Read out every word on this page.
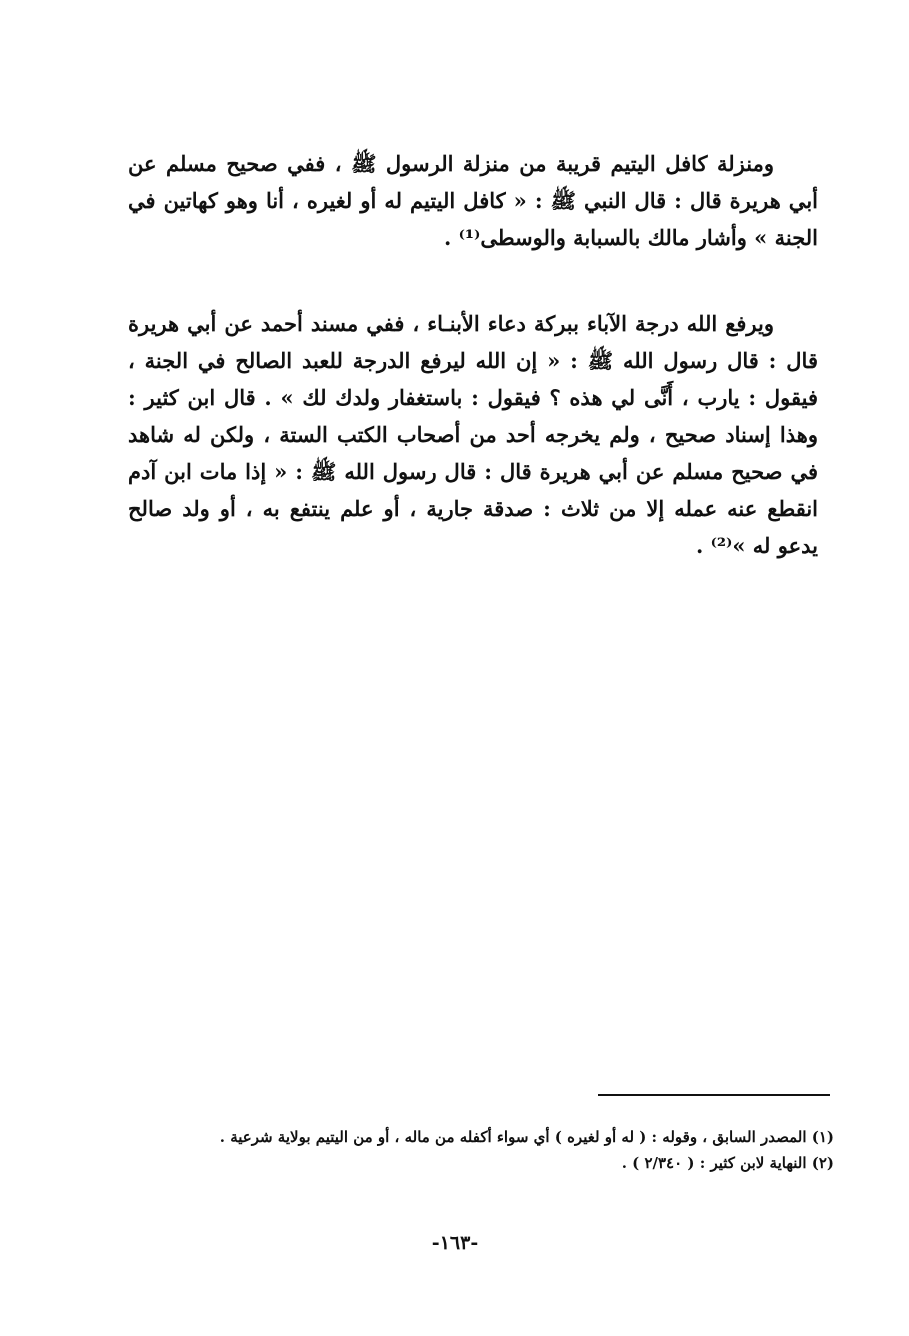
ومنزلة كافل اليتيم قريبة من منزلة الرسول ﷺ ، ففي صحيح مسلم عن أبي هريرة قال : قال النبي ﷺ : « كافل اليتيم له أو لغيره ، أنا وهو كهاتين في الجنة » وأشار مالك بالسبابة والوسطى⁽¹⁾ .

ويرفع الله درجة الآباء ببركة دعاء الأبنـاء ، ففي مسند أحمد عن أبي هريرة قال : قال رسول الله ﷺ : « إن الله ليرفع الدرجة للعبد الصالح في الجنة ، فيقول : يارب ، أَنَّى لي هذه ؟ فيقول : باستغفار ولدك لك » . قال ابن كثير : وهذا إسناد صحيح ، ولم يخرجه أحد من أصحاب الكتب الستة ، ولكن له شاهد في صحيح مسلم عن أبي هريرة قال : قال رسول الله ﷺ : « إذا مات ابن آدم انقطع عنه عمله إلا من ثلاث : صدقة جارية ، أو علم ينتفع به ، أو ولد صالح يدعو له »⁽²⁾ .

(١) المصدر السابق ، وقوله : ( له أو لغيره ) أي سواء أكفله من ماله ، أو من اليتيم بولاية شرعية .
(٢) النهاية لابن كثير : ( ٢/٣٤٠ ) .
-١٦٣-
